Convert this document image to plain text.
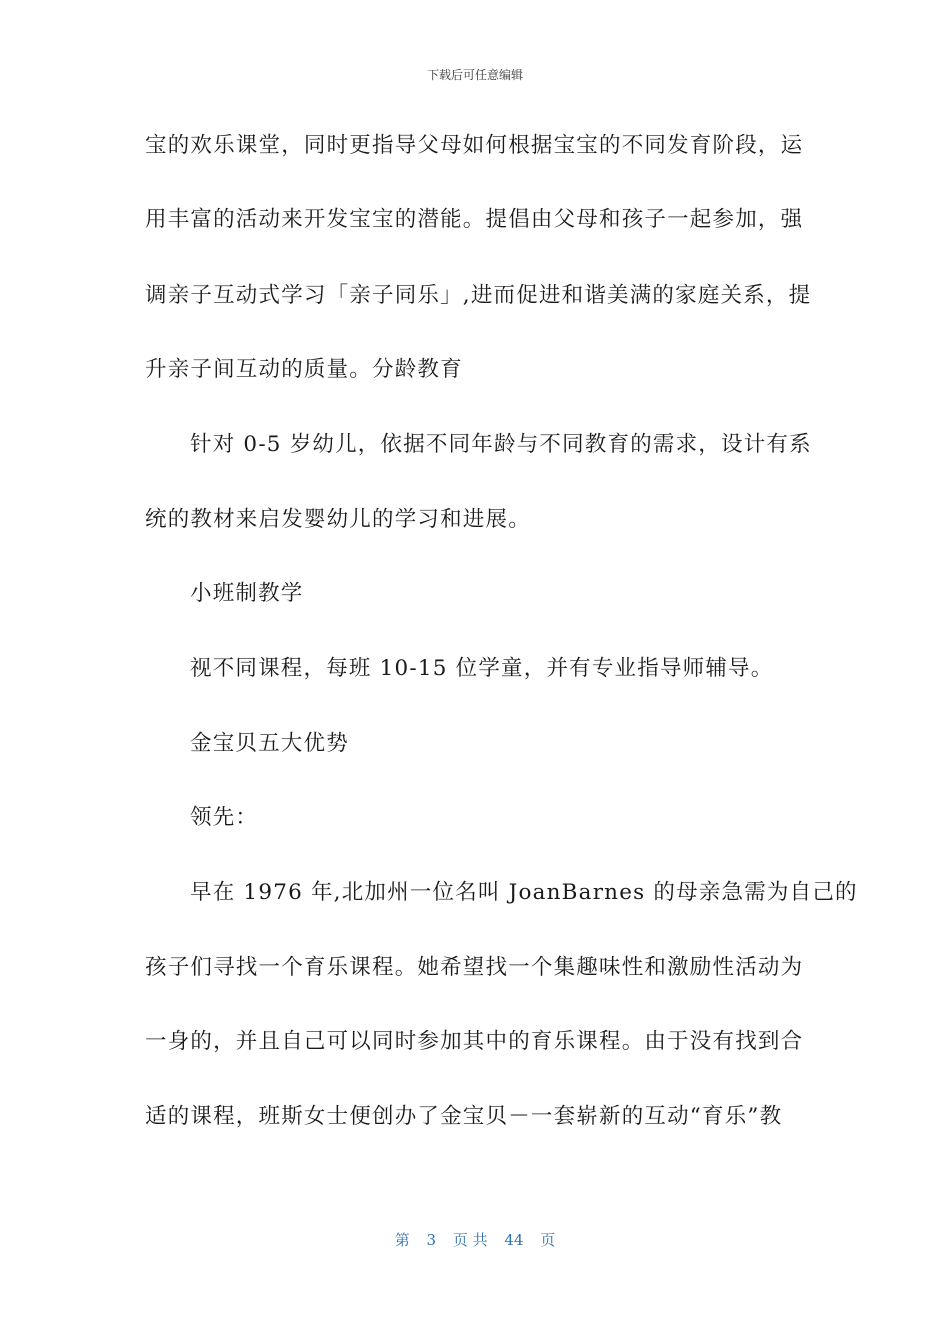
下载后可任意编辑
宝的欢乐课堂，同时更指导父母如何根据宝宝的不同发育阶段，运
用丰富的活动来开发宝宝的潜能。提倡由父母和孩子一起参加，强
调亲子互动式学习「亲子同乐」,进而促进和谐美满的家庭关系，提
升亲子间互动的质量。分龄教育
针对 0-5 岁幼儿，依据不同年龄与不同教育的需求，设计有系
统的教材来启发婴幼儿的学习和进展。
小班制教学
视不同课程，每班 10-15 位学童，并有专业指导师辅导。
金宝贝五大优势
领先：
早在 1976 年,北加州一位名叫 JoanBarnes 的母亲急需为自己的
孩子们寻找一个育乐课程。她希望找一个集趣味性和激励性活动为
一身的，并且自己可以同时参加其中的育乐课程。由于没有找到合
适的课程，班斯女士便创办了金宝贝－一套崭新的互动“育乐”教
第 3 页 共 44 页
